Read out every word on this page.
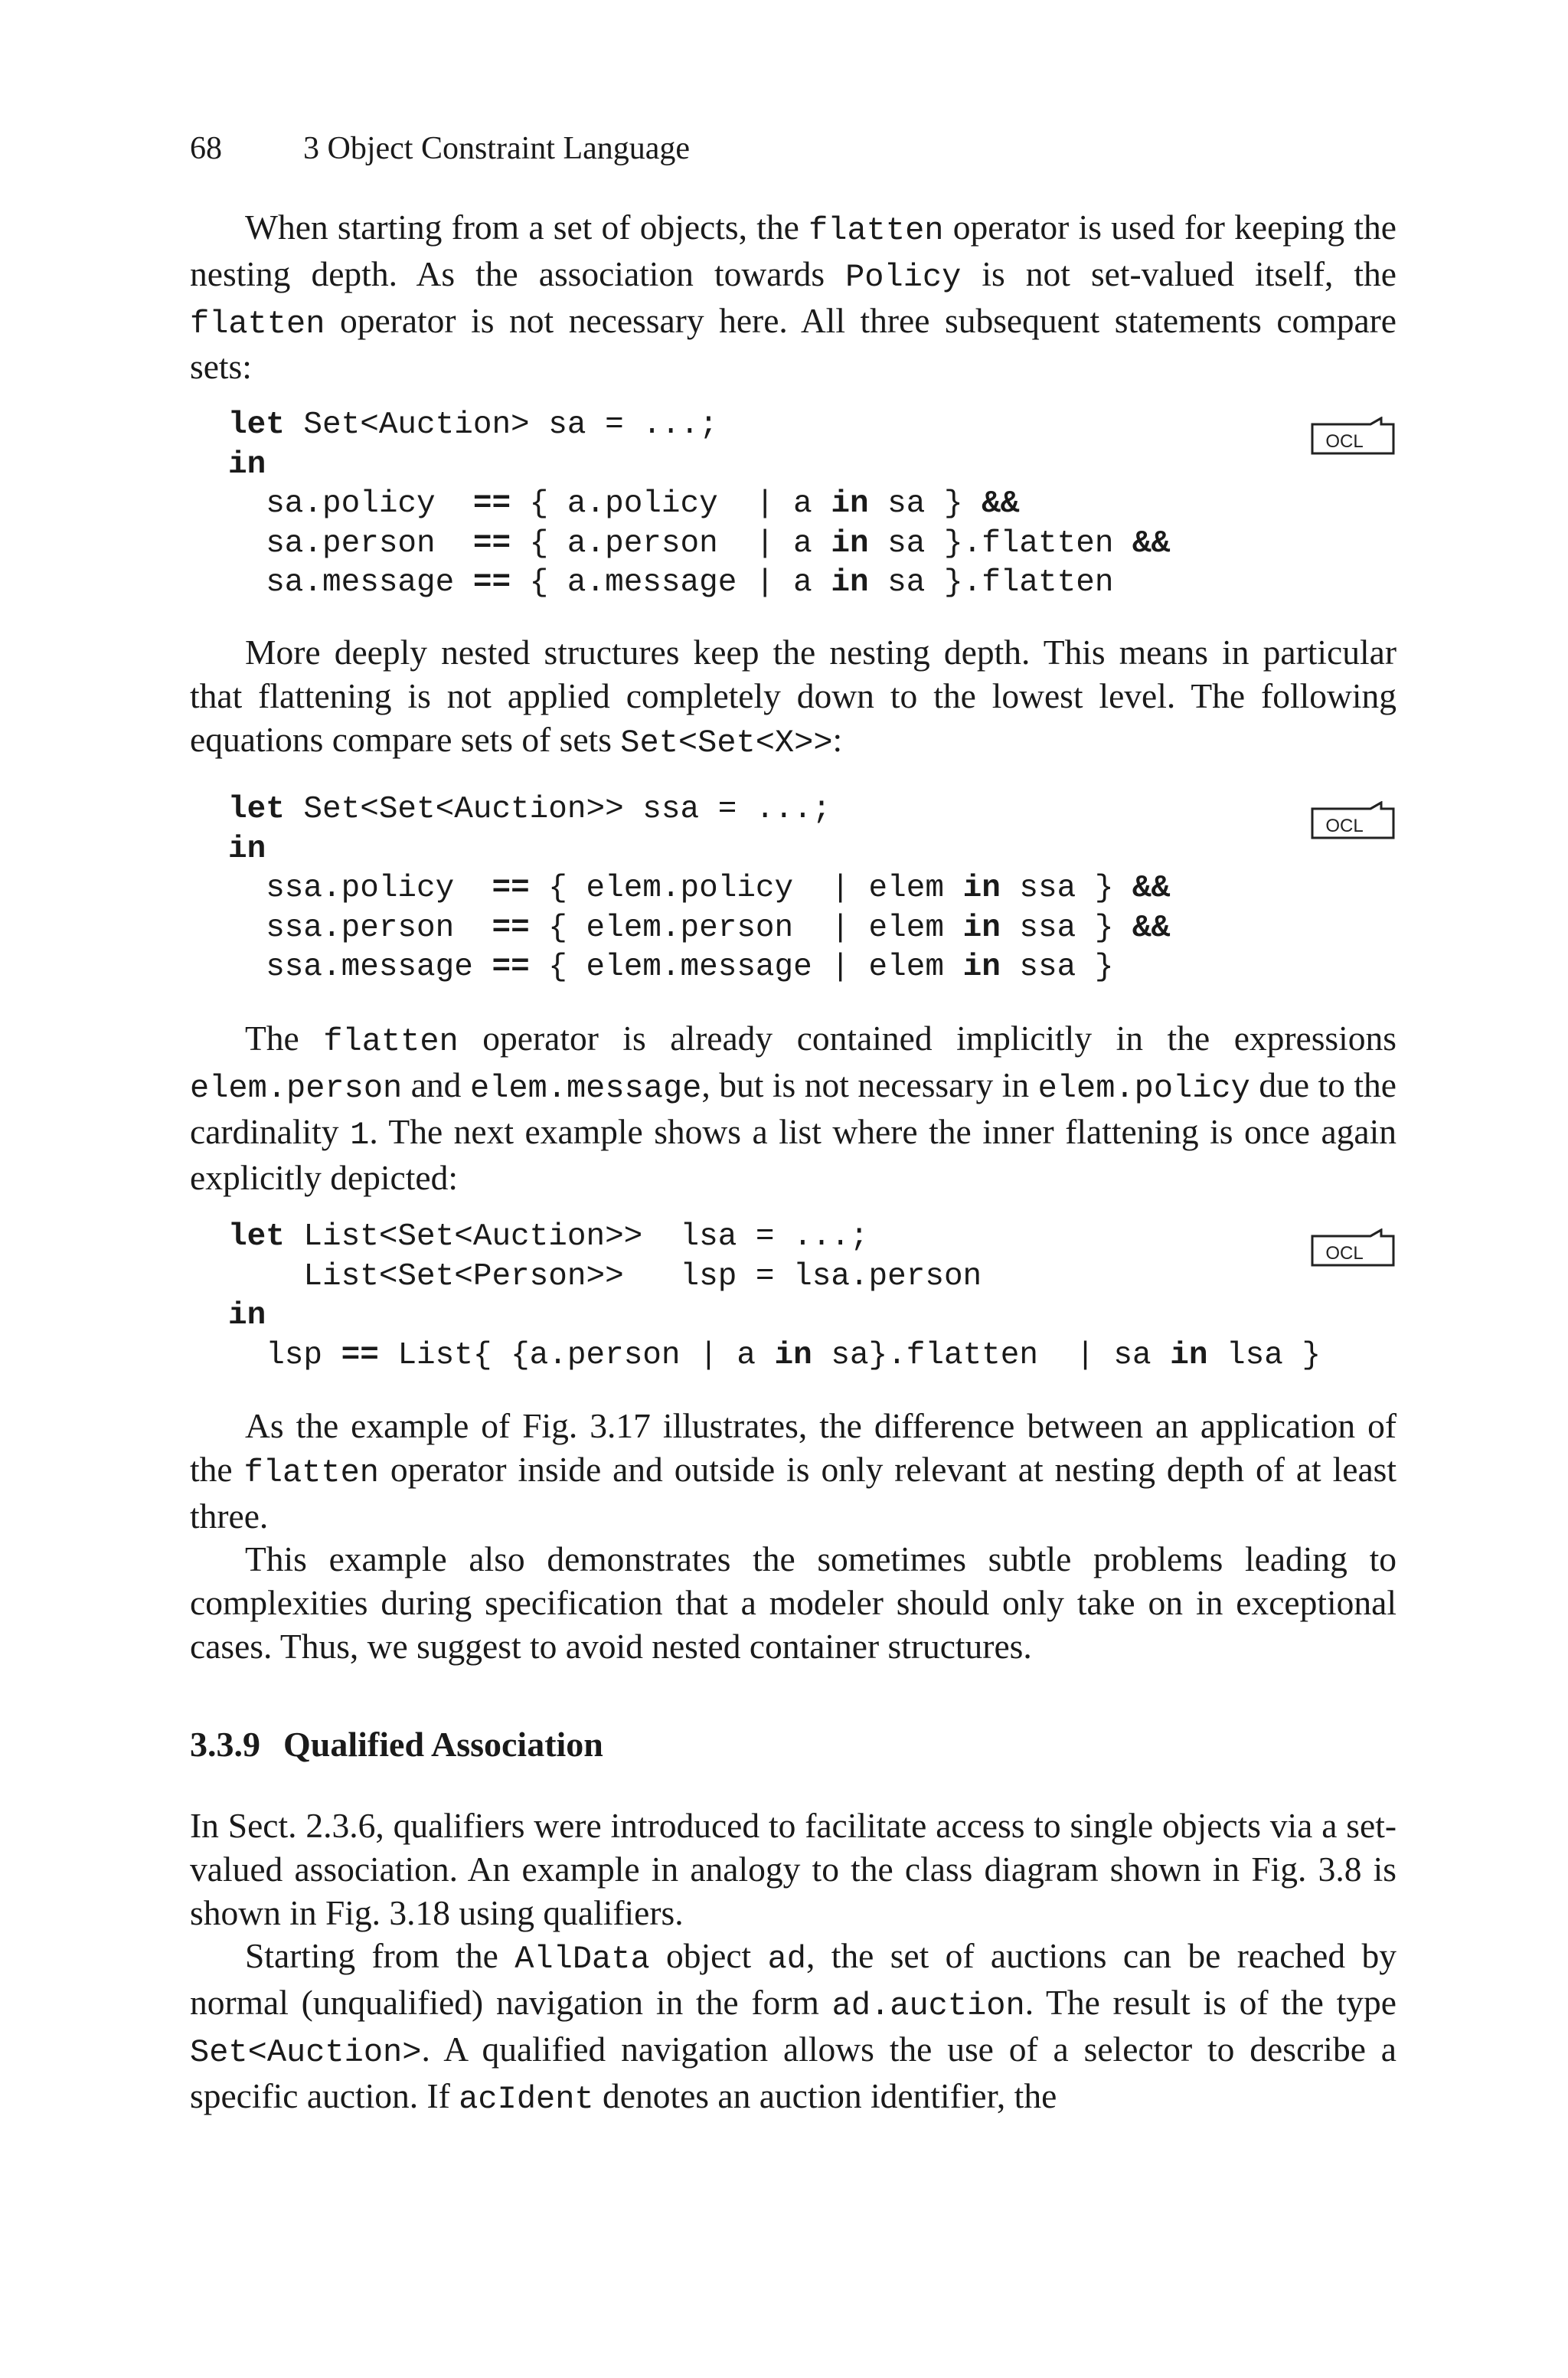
68	3 Object Constraint Language

When starting from a set of objects, the flatten operator is used for keeping the nesting depth. As the association towards Policy is not set-valued itself, the flatten operator is not necessary here. All three subsequent statements compare sets:

let Set<Auction> sa = ...;
in
sa.policy  == { a.policy  | a in sa } &&
sa.person  == { a.person  | a in sa }.flatten &&
sa.message == { a.message | a in sa }.flatten
OCL

More deeply nested structures keep the nesting depth. This means in particular that flattening is not applied completely down to the lowest level. The following equations compare sets of sets Set<Set<X>>:

let Set<Set<Auction>> ssa = ...;
in
ssa.policy  == { elem.policy  | elem in ssa } &&
ssa.person  == { elem.person  | elem in ssa } &&
ssa.message == { elem.message | elem in ssa }
OCL

The flatten operator is already contained implicitly in the expressions elem.person and elem.message, but is not necessary in elem.policy due to the cardinality 1. The next example shows a list where the inner flattening is once again explicitly depicted:

let List<Set<Auction>>  lsa = ...;
List<Set<Person>>   lsp = lsa.person
in
lsp == List{ {a.person | a in sa}.flatten  | sa in lsa }
OCL

As the example of Fig. 3.17 illustrates, the difference between an application of the flatten operator inside and outside is only relevant at nesting depth of at least three.

This example also demonstrates the sometimes subtle problems leading to complexities during specification that a modeler should only take on in exceptional cases. Thus, we suggest to avoid nested container structures.

3.3.9 Qualified Association

In Sect. 2.3.6, qualifiers were introduced to facilitate access to single objects via a set-valued association. An example in analogy to the class diagram shown in Fig. 3.8 is shown in Fig. 3.18 using qualifiers.

Starting from the AllData object ad, the set of auctions can be reached by normal (unqualified) navigation in the form ad.auction. The result is of the type Set<Auction>. A qualified navigation allows the use of a selector to describe a specific auction. If acIdent denotes an auction identifier, the
